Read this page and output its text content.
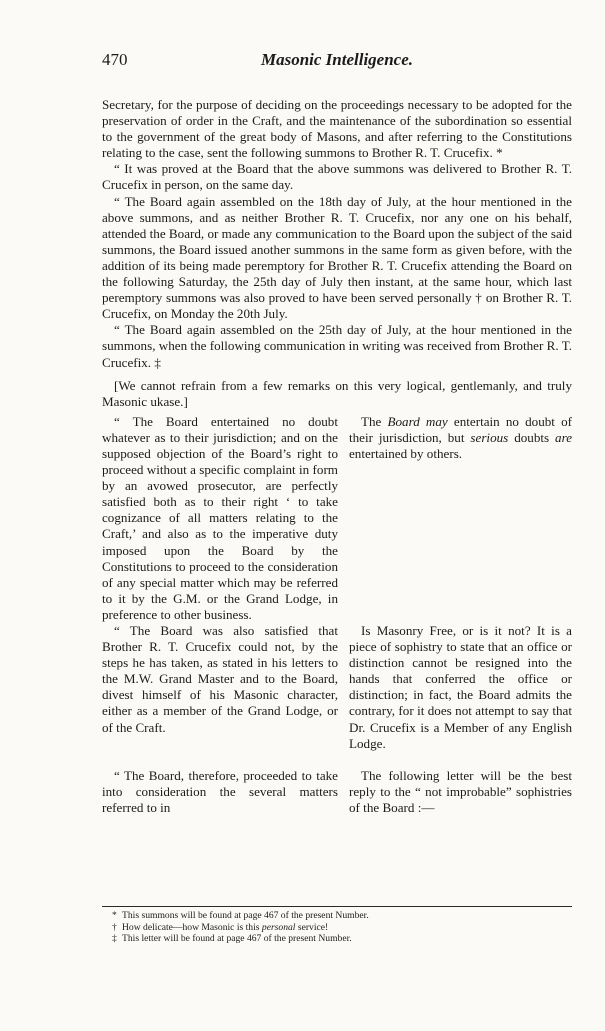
470	Masonic Intelligence.

Secretary, for the purpose of deciding on the proceedings necessary to be adopted for the preservation of order in the Craft, and the maintenance of the subordination so essential to the government of the great body of Masons, and after referring to the Constitutions relating to the case, sent the following summons to Brother R. T. Crucefix. *

“ It was proved at the Board that the above summons was delivered to Brother R. T. Crucefix in person, on the same day.

“ The Board again assembled on the 18th day of July, at the hour mentioned in the above summons, and as neither Brother R. T. Crucefix, nor any one on his behalf, attended the Board, or made any communication to the Board upon the subject of the said summons, the Board issued another summons in the same form as given before, with the addition of its being made peremptory for Brother R. T. Crucefix attending the Board on the following Saturday, the 25th day of July then instant, at the same hour, which last peremptory summons was also proved to have been served personally † on Brother R. T. Crucefix, on Monday the 20th July.

“ The Board again assembled on the 25th day of July, at the hour mentioned in the summons, when the following communication in writing was received from Brother R. T. Crucefix. ‡

[We cannot refrain from a few remarks on this very logical, gentlemanly, and truly Masonic ukase.]

“ The Board entertained no doubt whatever as to their jurisdiction; and on the supposed objection of the Board’s right to proceed without a specific complaint in form by an avowed prosecutor, are perfectly satisfied both as to their right ‘ to take cognizance of all matters relating to the Craft,’ and also as to the imperative duty imposed upon the Board by the Constitutions to proceed to the consideration of any special matter which may be referred to it by the G.M. or the Grand Lodge, in preference to other business.

The Board may entertain no doubt of their jurisdiction, but serious doubts are entertained by others.

“ The Board was also satisfied that Brother R. T. Crucefix could not, by the steps he has taken, as stated in his letters to the M.W. Grand Master and to the Board, divest himself of his Masonic character, either as a member of the Grand Lodge, or of the Craft.

Is Masonry Free, or is it not? It is a piece of sophistry to state that an office or distinction cannot be resigned into the hands that conferred the office or distinction; in fact, the Board admits the contrary, for it does not attempt to say that Dr. Crucefix is a Member of any English Lodge.

“ The Board, therefore, proceeded to take into consideration the several matters referred to in

The following letter will be the best reply to the “ not improbable” sophistries of the Board :—

* This summons will be found at page 467 of the present Number.

† How delicate—how Masonic is this personal service!

‡ This letter will be found at page 467 of the present Number.
